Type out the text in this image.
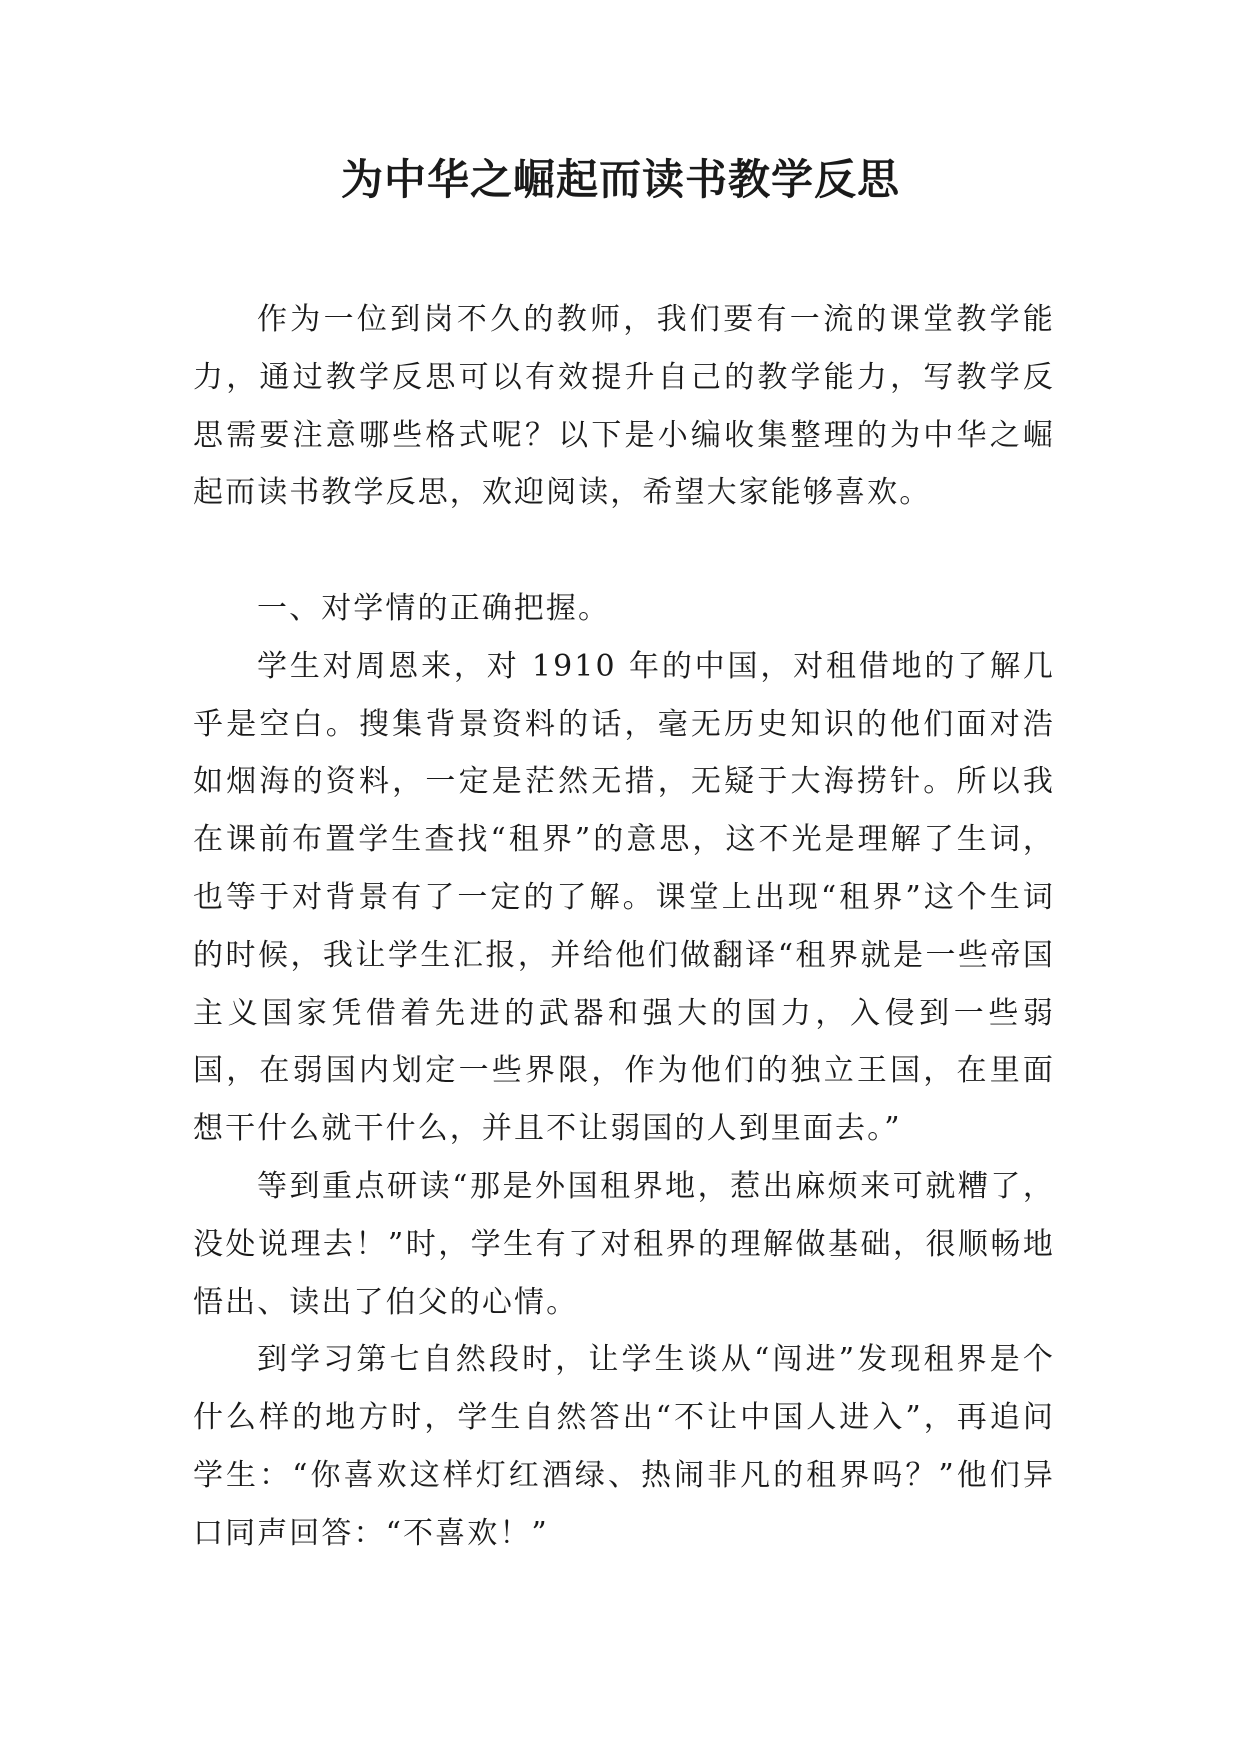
为中华之崛起而读书教学反思

作为一位到岗不久的教师，我们要有一流的课堂教学能力，通过教学反思可以有效提升自己的教学能力，写教学反思需要注意哪些格式呢？以下是小编收集整理的为中华之崛起而读书教学反思，欢迎阅读，希望大家能够喜欢。

一、对学情的正确把握。

学生对周恩来，对 1910 年的中国，对租借地的了解几乎是空白。搜集背景资料的话，毫无历史知识的他们面对浩如烟海的资料，一定是茫然无措，无疑于大海捞针。所以我在课前布置学生查找“租界”的意思，这不光是理解了生词，也等于对背景有了一定的了解。课堂上出现“租界”这个生词的时候，我让学生汇报，并给他们做翻译“租界就是一些帝国主义国家凭借着先进的武器和强大的国力，入侵到一些弱国，在弱国内划定一些界限，作为他们的独立王国，在里面想干什么就干什么，并且不让弱国的人到里面去。”

等到重点研读“那是外国租界地，惹出麻烦来可就糟了，没处说理去！”时，学生有了对租界的理解做基础，很顺畅地悟出、读出了伯父的心情。

到学习第七自然段时，让学生谈从“闯进”发现租界是个什么样的地方时，学生自然答出“不让中国人进入”，再追问学生：“你喜欢这样灯红酒绿、热闹非凡的租界吗？”他们异口同声回答：“不喜欢！”
